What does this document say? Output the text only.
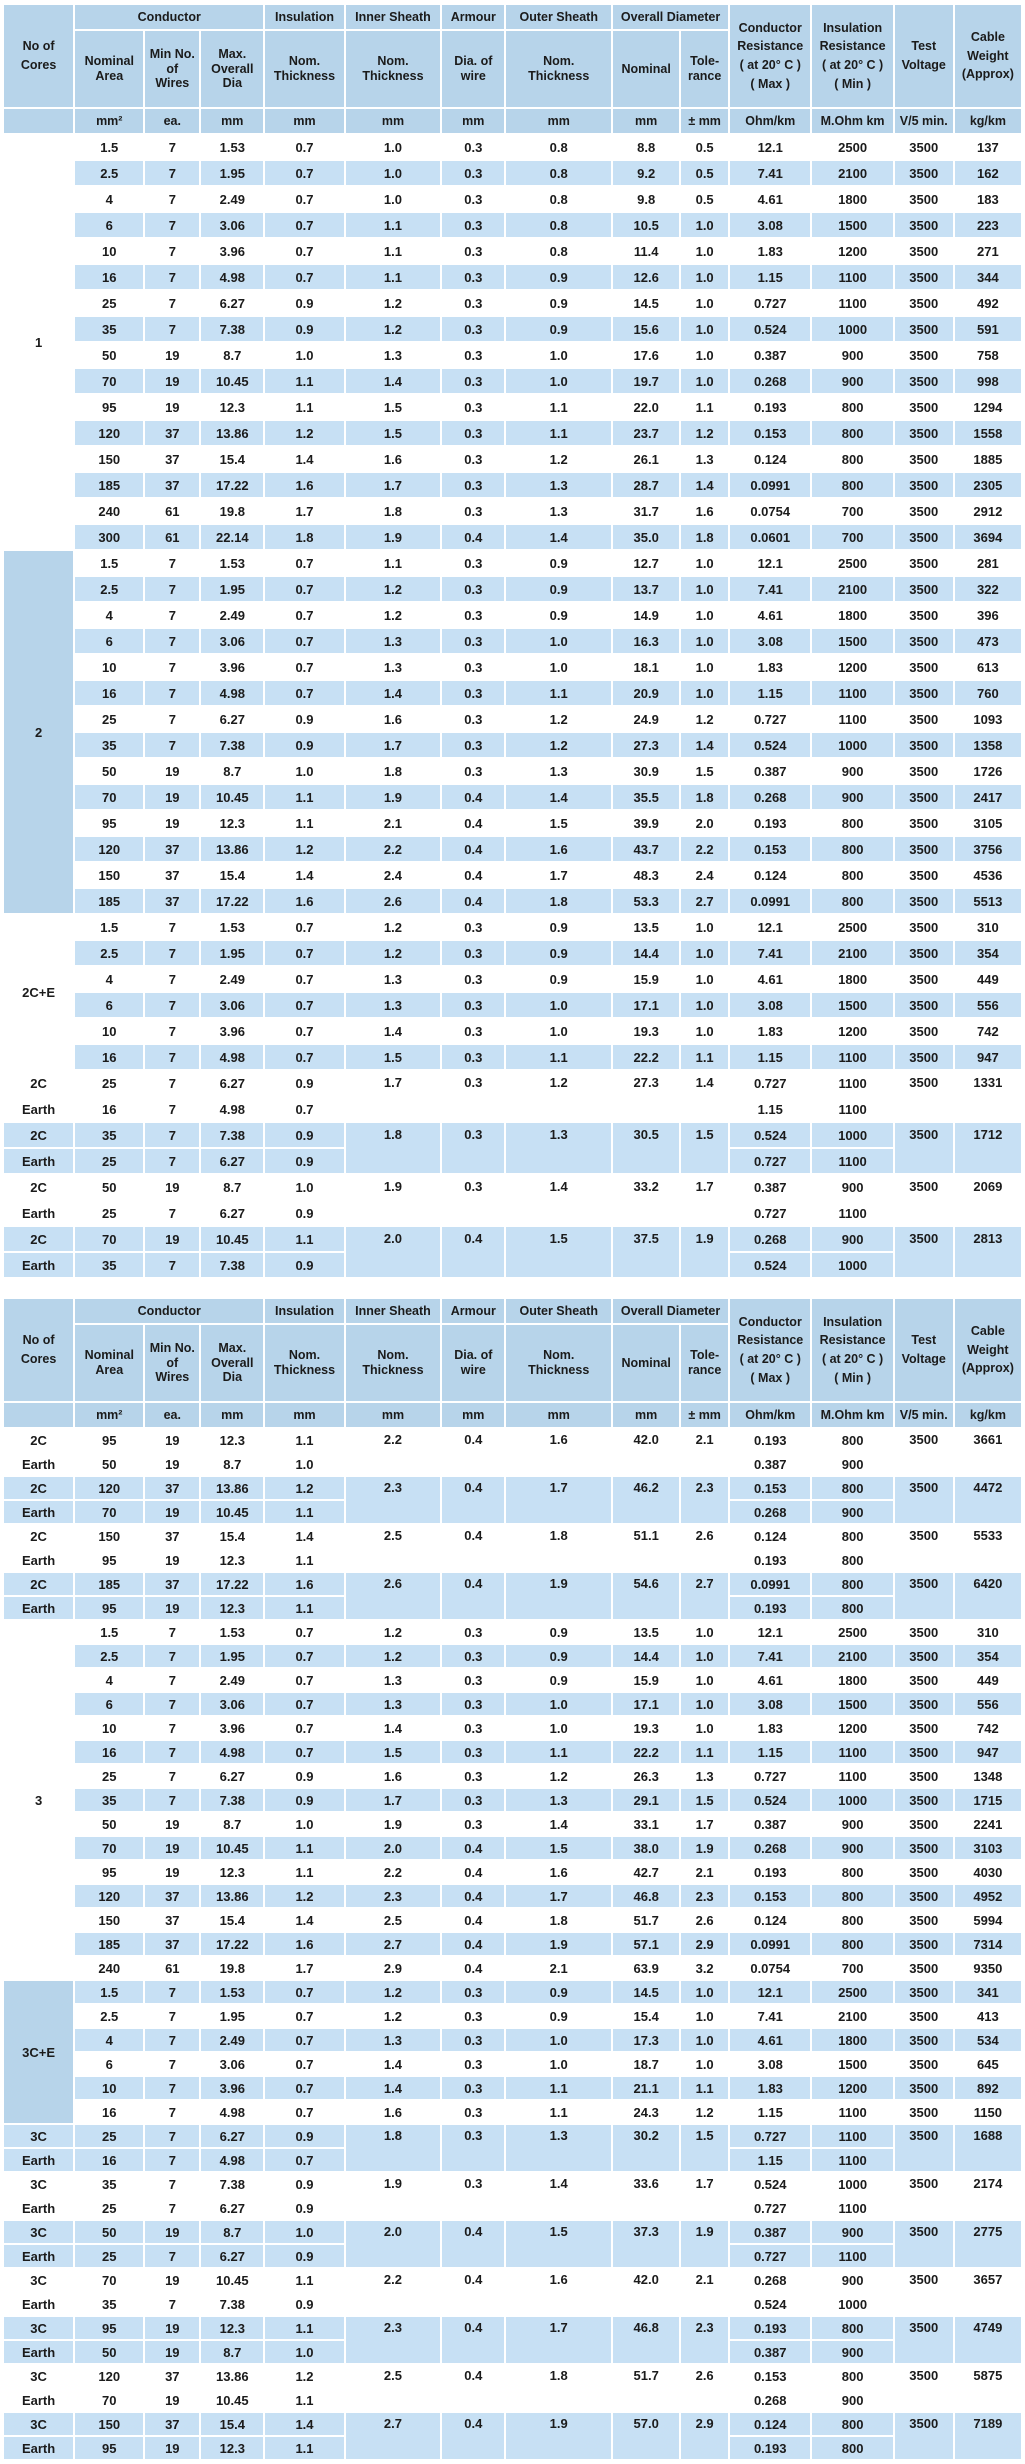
No of
Cores	Conductor			Insulation	Inner Sheath	Armour	Outer Sheath	Overall Diameter		Conductor
Resistance
( at 20° C )
( Max )	Insulation
Resistance
( at 20° C )
( Min )	Test
Voltage	Cable
Weight
(Approx)
	Nominal
Area	Min No.
of
Wires	Max.
Overall
Dia	Nom.
Thickness	Nom.
Thickness	Dia. of
wire	Nom.
Thickness	Nominal	Tole-
rance				
	mm²	ea.	mm	mm	mm	mm	mm	mm	± mm	Ohm/km	M.Ohm km	V/5 min.	kg/km
1	1.5	7	1.53	0.7	1.0	0.3	0.8	8.8	0.5	12.1	2500	3500	137
	2.5	7	1.95	0.7	1.0	0.3	0.8	9.2	0.5	7.41	2100	3500	162
	4	7	2.49	0.7	1.0	0.3	0.8	9.8	0.5	4.61	1800	3500	183
	6	7	3.06	0.7	1.1	0.3	0.8	10.5	1.0	3.08	1500	3500	223
	10	7	3.96	0.7	1.1	0.3	0.8	11.4	1.0	1.83	1200	3500	271
	16	7	4.98	0.7	1.1	0.3	0.9	12.6	1.0	1.15	1100	3500	344
	25	7	6.27	0.9	1.2	0.3	0.9	14.5	1.0	0.727	1100	3500	492
	35	7	7.38	0.9	1.2	0.3	0.9	15.6	1.0	0.524	1000	3500	591
	50	19	8.7	1.0	1.3	0.3	1.0	17.6	1.0	0.387	900	3500	758
	70	19	10.45	1.1	1.4	0.3	1.0	19.7	1.0	0.268	900	3500	998
	95	19	12.3	1.1	1.5	0.3	1.1	22.0	1.1	0.193	800	3500	1294
	120	37	13.86	1.2	1.5	0.3	1.1	23.7	1.2	0.153	800	3500	1558
	150	37	15.4	1.4	1.6	0.3	1.2	26.1	1.3	0.124	800	3500	1885
	185	37	17.22	1.6	1.7	0.3	1.3	28.7	1.4	0.0991	800	3500	2305
	240	61	19.8	1.7	1.8	0.3	1.3	31.7	1.6	0.0754	700	3500	2912
	300	61	22.14	1.8	1.9	0.4	1.4	35.0	1.8	0.0601	700	3500	3694
2	1.5	7	1.53	0.7	1.1	0.3	0.9	12.7	1.0	12.1	2500	3500	281
	2.5	7	1.95	0.7	1.2	0.3	0.9	13.7	1.0	7.41	2100	3500	322
	4	7	2.49	0.7	1.2	0.3	0.9	14.9	1.0	4.61	1800	3500	396
	6	7	3.06	0.7	1.3	0.3	1.0	16.3	1.0	3.08	1500	3500	473
	10	7	3.96	0.7	1.3	0.3	1.0	18.1	1.0	1.83	1200	3500	613
	16	7	4.98	0.7	1.4	0.3	1.1	20.9	1.0	1.15	1100	3500	760
	25	7	6.27	0.9	1.6	0.3	1.2	24.9	1.2	0.727	1100	3500	1093
	35	7	7.38	0.9	1.7	0.3	1.2	27.3	1.4	0.524	1000	3500	1358
	50	19	8.7	1.0	1.8	0.3	1.3	30.9	1.5	0.387	900	3500	1726
	70	19	10.45	1.1	1.9	0.4	1.4	35.5	1.8	0.268	900	3500	2417
	95	19	12.3	1.1	2.1	0.4	1.5	39.9	2.0	0.193	800	3500	3105
	120	37	13.86	1.2	2.2	0.4	1.6	43.7	2.2	0.153	800	3500	3756
	150	37	15.4	1.4	2.4	0.4	1.7	48.3	2.4	0.124	800	3500	4536
	185	37	17.22	1.6	2.6	0.4	1.8	53.3	2.7	0.0991	800	3500	5513
2C+E	1.5	7	1.53	0.7	1.2	0.3	0.9	13.5	1.0	12.1	2500	3500	310
	2.5	7	1.95	0.7	1.2	0.3	0.9	14.4	1.0	7.41	2100	3500	354
	4	7	2.49	0.7	1.3	0.3	0.9	15.9	1.0	4.61	1800	3500	449
	6	7	3.06	0.7	1.3	0.3	1.0	17.1	1.0	3.08	1500	3500	556
	10	7	3.96	0.7	1.4	0.3	1.0	19.3	1.0	1.83	1200	3500	742
	16	7	4.98	0.7	1.5	0.3	1.1	22.2	1.1	1.15	1100	3500	947
2C	25	7	6.27	0.9	1.7	0.3	1.2	27.3	1.4	0.727	1100	3500	1331
Earth	16	7	4.98	0.7						1.15	1100		
2C	35	7	7.38	0.9	1.8	0.3	1.3	30.5	1.5	0.524	1000	3500	1712
Earth	25	7	6.27	0.9						0.727	1100		
2C	50	19	8.7	1.0	1.9	0.3	1.4	33.2	1.7	0.387	900	3500	2069
Earth	25	7	6.27	0.9						0.727	1100		
2C	70	19	10.45	1.1	2.0	0.4	1.5	37.5	1.9	0.268	900	3500	2813
Earth	35	7	7.38	0.9						0.524	1000		
No of
Cores	Conductor			Insulation	Inner Sheath	Armour	Outer Sheath	Overall Diameter		Conductor
Resistance
( at 20° C )
( Max )	Insulation
Resistance
( at 20° C )
( Min )	Test
Voltage	Cable
Weight
(Approx)
	Nominal
Area	Min No.
of
Wires	Max.
Overall
Dia	Nom.
Thickness	Nom.
Thickness	Dia. of
wire	Nom.
Thickness	Nominal	Tole-
rance				
	mm²	ea.	mm	mm	mm	mm	mm	mm	± mm	Ohm/km	M.Ohm km	V/5 min.	kg/km
2C	95	19	12.3	1.1	2.2	0.4	1.6	42.0	2.1	0.193	800	3500	3661
Earth	50	19	8.7	1.0						0.387	900		
2C	120	37	13.86	1.2	2.3	0.4	1.7	46.2	2.3	0.153	800	3500	4472
Earth	70	19	10.45	1.1						0.268	900		
2C	150	37	15.4	1.4	2.5	0.4	1.8	51.1	2.6	0.124	800	3500	5533
Earth	95	19	12.3	1.1						0.193	800		
2C	185	37	17.22	1.6	2.6	0.4	1.9	54.6	2.7	0.0991	800	3500	6420
Earth	95	19	12.3	1.1						0.193	800		
3	1.5	7	1.53	0.7	1.2	0.3	0.9	13.5	1.0	12.1	2500	3500	310
	2.5	7	1.95	0.7	1.2	0.3	0.9	14.4	1.0	7.41	2100	3500	354
	4	7	2.49	0.7	1.3	0.3	0.9	15.9	1.0	4.61	1800	3500	449
	6	7	3.06	0.7	1.3	0.3	1.0	17.1	1.0	3.08	1500	3500	556
	10	7	3.96	0.7	1.4	0.3	1.0	19.3	1.0	1.83	1200	3500	742
	16	7	4.98	0.7	1.5	0.3	1.1	22.2	1.1	1.15	1100	3500	947
	25	7	6.27	0.9	1.6	0.3	1.2	26.3	1.3	0.727	1100	3500	1348
	35	7	7.38	0.9	1.7	0.3	1.3	29.1	1.5	0.524	1000	3500	1715
	50	19	8.7	1.0	1.9	0.3	1.4	33.1	1.7	0.387	900	3500	2241
	70	19	10.45	1.1	2.0	0.4	1.5	38.0	1.9	0.268	900	3500	3103
	95	19	12.3	1.1	2.2	0.4	1.6	42.7	2.1	0.193	800	3500	4030
	120	37	13.86	1.2	2.3	0.4	1.7	46.8	2.3	0.153	800	3500	4952
	150	37	15.4	1.4	2.5	0.4	1.8	51.7	2.6	0.124	800	3500	5994
	185	37	17.22	1.6	2.7	0.4	1.9	57.1	2.9	0.0991	800	3500	7314
	240	61	19.8	1.7	2.9	0.4	2.1	63.9	3.2	0.0754	700	3500	9350
3C+E	1.5	7	1.53	0.7	1.2	0.3	0.9	14.5	1.0	12.1	2500	3500	341
	2.5	7	1.95	0.7	1.2	0.3	0.9	15.4	1.0	7.41	2100	3500	413
	4	7	2.49	0.7	1.3	0.3	1.0	17.3	1.0	4.61	1800	3500	534
	6	7	3.06	0.7	1.4	0.3	1.0	18.7	1.0	3.08	1500	3500	645
	10	7	3.96	0.7	1.4	0.3	1.1	21.1	1.1	1.83	1200	3500	892
	16	7	4.98	0.7	1.6	0.3	1.1	24.3	1.2	1.15	1100	3500	1150
3C	25	7	6.27	0.9	1.8	0.3	1.3	30.2	1.5	0.727	1100	3500	1688
Earth	16	7	4.98	0.7						1.15	1100		
3C	35	7	7.38	0.9	1.9	0.3	1.4	33.6	1.7	0.524	1000	3500	2174
Earth	25	7	6.27	0.9						0.727	1100		
3C	50	19	8.7	1.0	2.0	0.4	1.5	37.3	1.9	0.387	900	3500	2775
Earth	25	7	6.27	0.9						0.727	1100		
3C	70	19	10.45	1.1	2.2	0.4	1.6	42.0	2.1	0.268	900	3500	3657
Earth	35	7	7.38	0.9						0.524	1000		
3C	95	19	12.3	1.1	2.3	0.4	1.7	46.8	2.3	0.193	800	3500	4749
Earth	50	19	8.7	1.0						0.387	900		
3C	120	37	13.86	1.2	2.5	0.4	1.8	51.7	2.6	0.153	800	3500	5875
Earth	70	19	10.45	1.1						0.268	900		
3C	150	37	15.4	1.4	2.7	0.4	1.9	57.0	2.9	0.124	800	3500	7189
Earth	95	19	12.3	1.1						0.193	800		
